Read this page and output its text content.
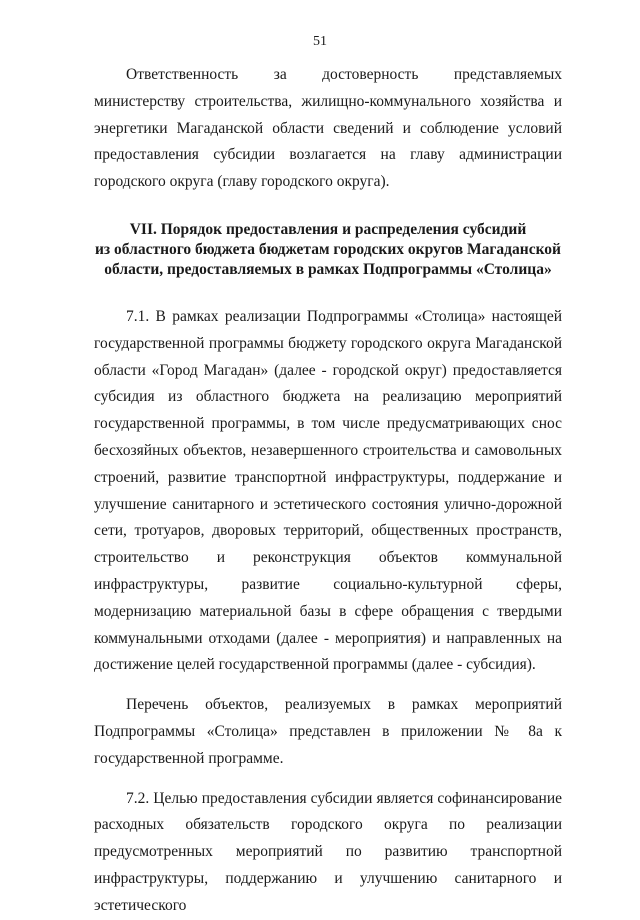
51

Ответственность за достоверность представляемых министерству строительства, жилищно-коммунального хозяйства и энергетики Магаданской области сведений и соблюдение условий предоставления субсидии возлагается на главу администрации городского округа (главу городского округа).

VII. Порядок предоставления и распределения субсидий
из областного бюджета бюджетам городских округов Магаданской
области, предоставляемых в рамках Подпрограммы «Столица»

7.1. В рамках реализации Подпрограммы «Столица» настоящей государственной программы бюджету городского округа Магаданской области «Город Магадан» (далее - городской округ) предоставляется субсидия из областного бюджета на реализацию мероприятий государственной программы, в том числе предусматривающих снос бесхозяйных объектов, незавершенного строительства и самовольных строений, развитие транспортной инфраструктуры, поддержание и улучшение санитарного и эстетического состояния улично-дорожной сети, тротуаров, дворовых территорий, общественных пространств, строительство и реконструкция объектов коммунальной инфраструктуры, развитие социально-культурной сферы, модернизацию материальной базы в сфере обращения с твердыми коммунальными отходами (далее - мероприятия) и направленных на достижение целей государственной программы (далее - субсидия).

Перечень объектов, реализуемых в рамках мероприятий Подпрограммы «Столица» представлен в приложении № 8а к государственной программе.

7.2. Целью предоставления субсидии является софинансирование расходных обязательств городского округа по реализации предусмотренных мероприятий по развитию транспортной инфраструктуры, поддержанию и улучшению санитарного и эстетического
